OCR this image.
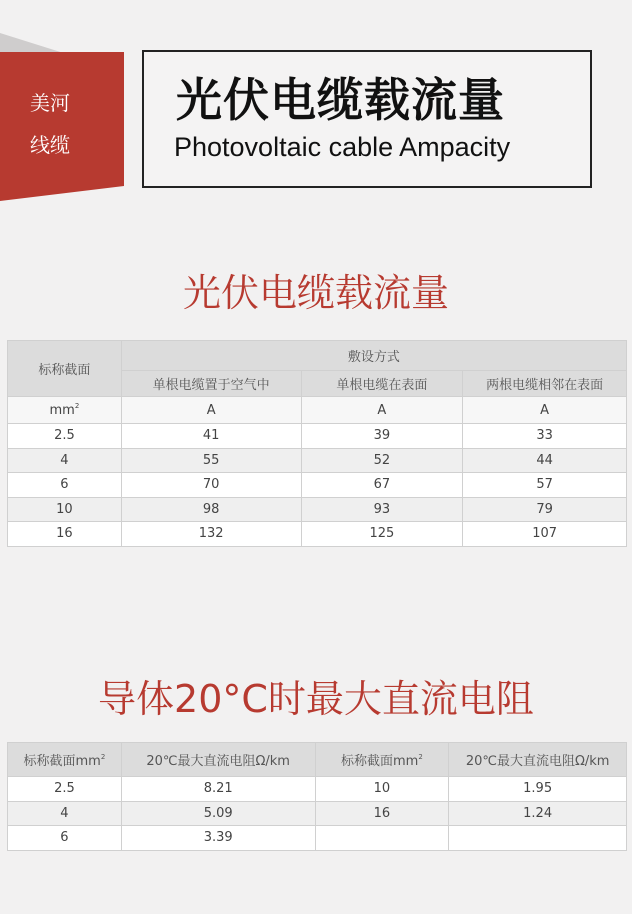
美河
线缆
光伏电缆载流量
Photovoltaic cable Ampacity
光伏电缆载流量
标称截面	敷设方式		
	单根电缆置于空气中	单根电缆在表面	两根电缆相邻在表面
$mm^2$	A	A	A
2.5	41	39	33
4	55	52	44
6	70	67	57
10	98	93	79
16	132	125	107
导体20°C时最大直流电阻
标称截面$mm^2$	20℃最大直流电阻Ω/km	标称截面$mm^2$	20℃最大直流电阻Ω/km
2.5	8.21	10	1.95
4	5.09	16	1.24
6	3.39		
